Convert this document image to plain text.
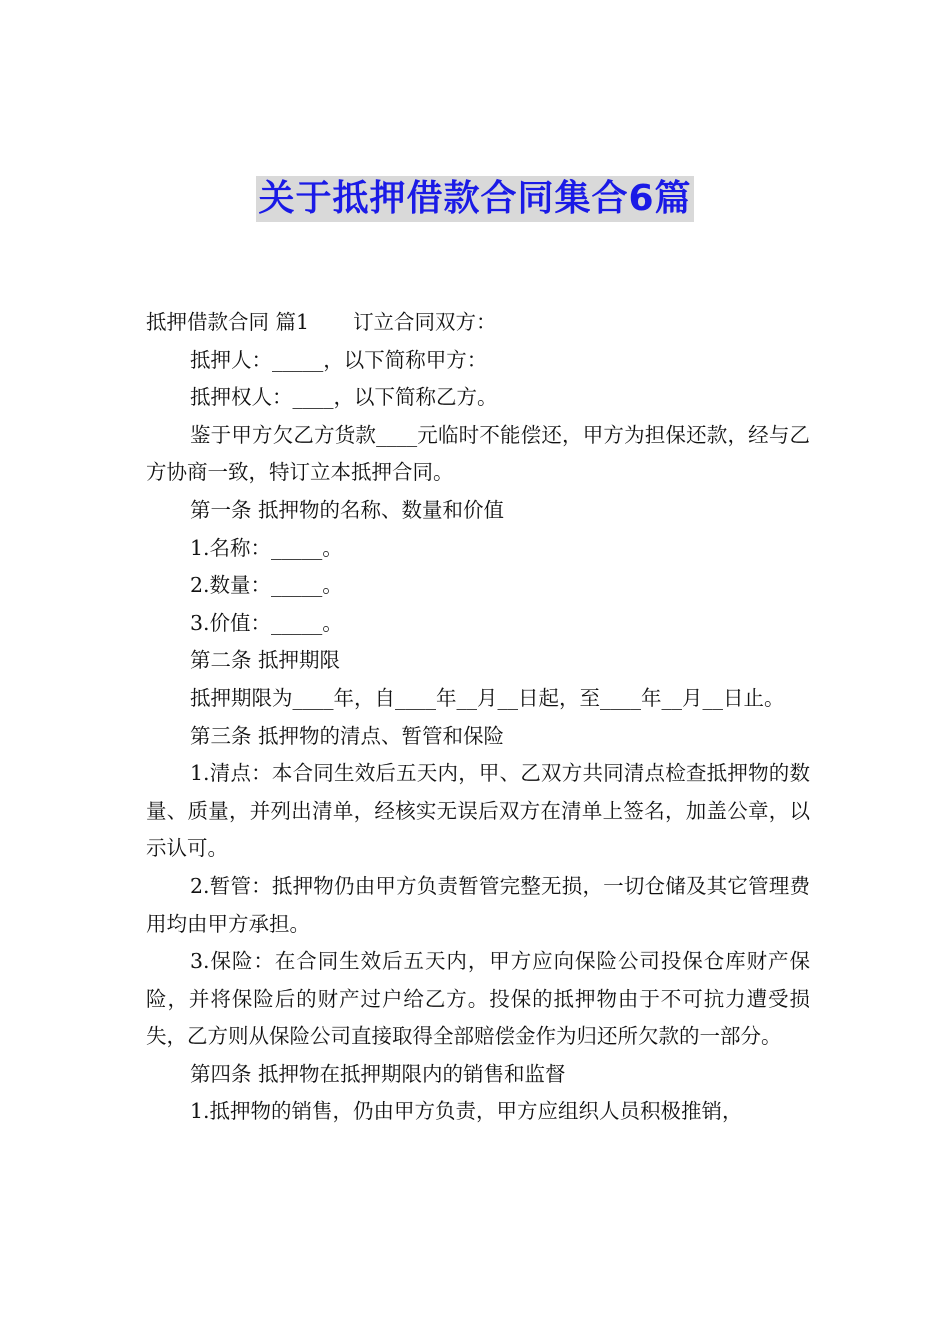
关于抵押借款合同集合6篇

抵押借款合同 篇1 订立合同双方：

抵押人：_____，以下简称甲方：

抵押权人：____，以下简称乙方。

鉴于甲方欠乙方货款____元临时不能偿还，甲方为担保还款，经与乙方协商一致，特订立本抵押合同。

第一条 抵押物的名称、数量和价值

1.名称：_____。

2.数量：_____。

3.价值：_____。

第二条 抵押期限

抵押期限为____年，自____年__月__日起，至____年__月__日止。

第三条 抵押物的清点、暂管和保险

1.清点：本合同生效后五天内，甲、乙双方共同清点检查抵押物的数量、质量，并列出清单，经核实无误后双方在清单上签名，加盖公章，以示认可。

2.暂管：抵押物仍由甲方负责暂管完整无损，一切仓储及其它管理费用均由甲方承担。

3.保险：在合同生效后五天内，甲方应向保险公司投保仓库财产保险，并将保险后的财产过户给乙方。投保的抵押物由于不可抗力遭受损失，乙方则从保险公司直接取得全部赔偿金作为归还所欠款的一部分。

第四条 抵押物在抵押期限内的销售和监督

1.抵押物的销售，仍由甲方负责，甲方应组织人员积极推销，
